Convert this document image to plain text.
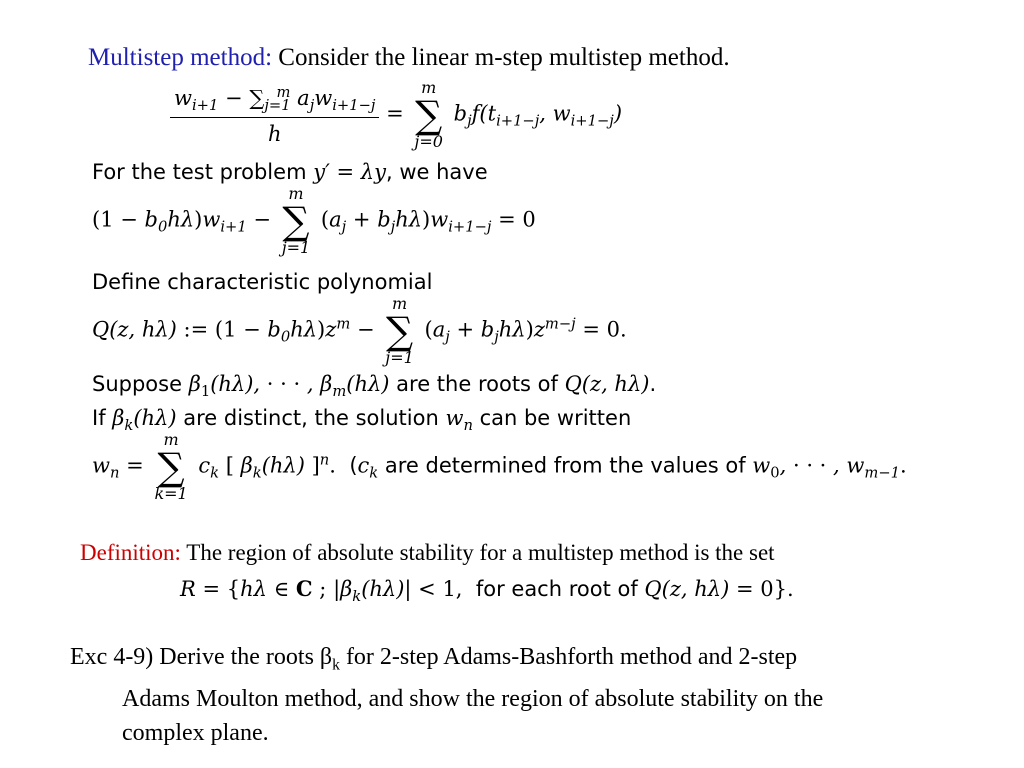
Multistep method: Consider the linear m-step multistep method.
$\frac{w_{i+1} - \sum_{j=1}^m a_jw_{i+1-j}}{h}$ =
m
∑
j=0
$b_jf(t_{i+1-j}$, $w_{i+1-j}$)
For the test problem y′ = λy, we have
$(1 - b_0h\lambda)w_{i+1}$ −
m
∑
j=1
$(a_j + b_jh\lambda)w_{i+1-j} = 0$
Define characteristic polynomial
Q(z, hλ) := $(1 - b_0h\lambda)z^m$ −
m
∑
j=1
$(a_j + b_jh\lambda)z^{m-j} = 0$.
Suppose $\beta_1(h\lambda)$, · · · , $\beta_m(h\lambda)$ are the roots of Q(z, hλ).
If $\beta_k(h\lambda)$ are distinct, the solution $w_n$ can be written
$w_n$ =
m
∑
k=1
$c_k$ [ $\beta_k(h\lambda)$ ]$^n$. ($c_k$ are determined from the values of $w_0$, · · · , $w_{m-1}$.
Definition: The region of absolute stability for a multistep method is the set
R = {hλ ∈ C ; $|\beta_k(h\lambda)| < 1$, for each root of Q(z, hλ) = 0}.
Exc 4-9) Derive the roots $\beta_k$ for 2-step Adams-Bashforth method and 2-step
Adams Moulton method, and show the region of absolute stability on the
complex plane.
